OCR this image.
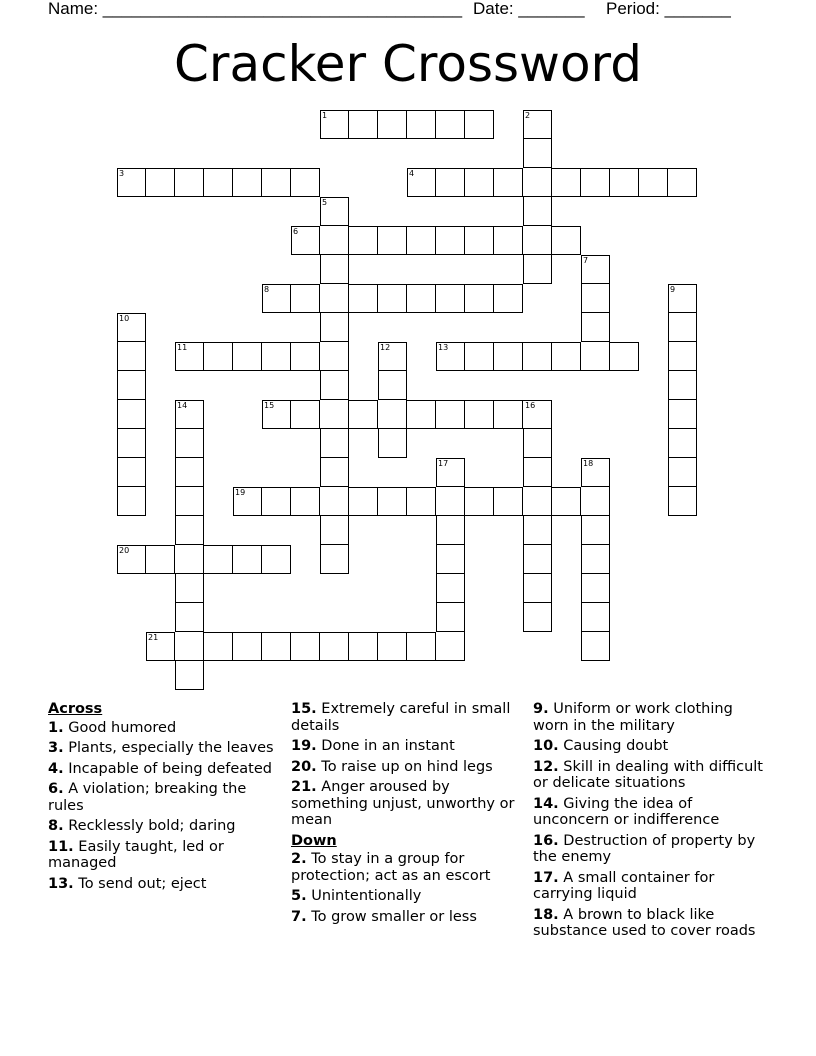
Name: ______________________________________ Date: _______ Period: _______
Cracker Crossword
1	2
3	4
5
6
7
8	9
10
11	12	13
14	15	16
17	18
19
20
21
Across
1. Good humored
3. Plants, especially the leaves
4. Incapable of being defeated
6. A violation; breaking the rules
8. Recklessly bold; daring
11. Easily taught, led or managed
13. To send out; eject
15. Extremely careful in small details
19. Done in an instant
20. To raise up on hind legs
21. Anger aroused by something unjust, unworthy or mean
Down
2. To stay in a group for protection; act as an escort
5. Unintentionally
7. To grow smaller or less
9. Uniform or work clothing worn in the military
10. Causing doubt
12. Skill in dealing with difficult or delicate situations
14. Giving the idea of unconcern or indifference
16. Destruction of property by the enemy
17. A small container for carrying liquid
18. A brown to black like substance used to cover roads
